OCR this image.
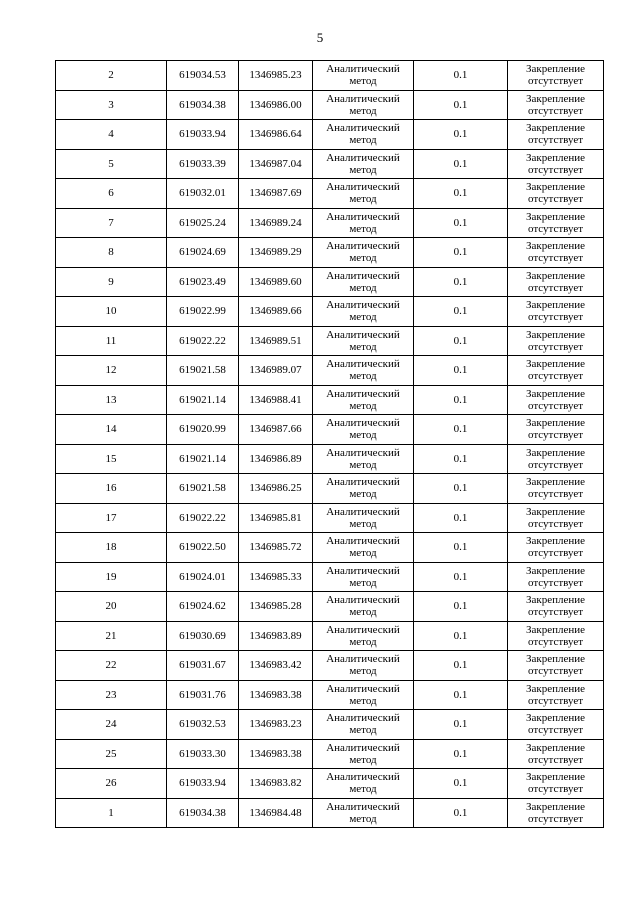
5
2	619034.53	1346985.23	Аналитический
метод	0.1	Закрепление
отсутствует

3	619034.38	1346986.00	Аналитический
метод	0.1	Закрепление
отсутствует

4	619033.94	1346986.64	Аналитический
метод	0.1	Закрепление
отсутствует

5	619033.39	1346987.04	Аналитический
метод	0.1	Закрепление
отсутствует

6	619032.01	1346987.69	Аналитический
метод	0.1	Закрепление
отсутствует

7	619025.24	1346989.24	Аналитический
метод	0.1	Закрепление
отсутствует

8	619024.69	1346989.29	Аналитический
метод	0.1	Закрепление
отсутствует

9	619023.49	1346989.60	Аналитический
метод	0.1	Закрепление
отсутствует

10	619022.99	1346989.66	Аналитический
метод	0.1	Закрепление
отсутствует

11	619022.22	1346989.51	Аналитический
метод	0.1	Закрепление
отсутствует

12	619021.58	1346989.07	Аналитический
метод	0.1	Закрепление
отсутствует

13	619021.14	1346988.41	Аналитический
метод	0.1	Закрепление
отсутствует

14	619020.99	1346987.66	Аналитический
метод	0.1	Закрепление
отсутствует

15	619021.14	1346986.89	Аналитический
метод	0.1	Закрепление
отсутствует

16	619021.58	1346986.25	Аналитический
метод	0.1	Закрепление
отсутствует

17	619022.22	1346985.81	Аналитический
метод	0.1	Закрепление
отсутствует

18	619022.50	1346985.72	Аналитический
метод	0.1	Закрепление
отсутствует

19	619024.01	1346985.33	Аналитический
метод	0.1	Закрепление
отсутствует

20	619024.62	1346985.28	Аналитический
метод	0.1	Закрепление
отсутствует

21	619030.69	1346983.89	Аналитический
метод	0.1	Закрепление
отсутствует

22	619031.67	1346983.42	Аналитический
метод	0.1	Закрепление
отсутствует

23	619031.76	1346983.38	Аналитический
метод	0.1	Закрепление
отсутствует

24	619032.53	1346983.23	Аналитический
метод	0.1	Закрепление
отсутствует

25	619033.30	1346983.38	Аналитический
метод	0.1	Закрепление
отсутствует

26	619033.94	1346983.82	Аналитический
метод	0.1	Закрепление
отсутствует

1	619034.38	1346984.48	Аналитический
метод	0.1	Закрепление
отсутствует
